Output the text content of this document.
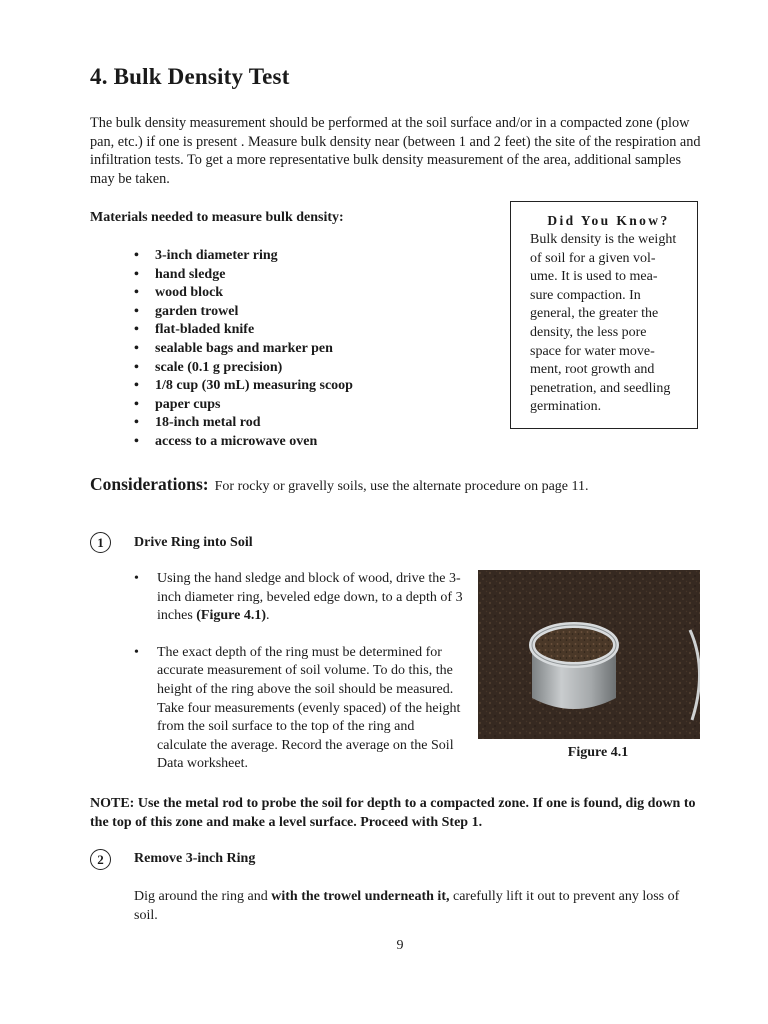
4. Bulk Density Test

The bulk density measurement should be performed at the soil surface and/or in a compacted zone (plow pan, etc.) if one is present . Measure bulk density near (between 1 and 2 feet) the site of the respiration and infiltration tests. To get a more representative bulk density measurement of the area, additional samples may be taken.

Materials needed to measure bulk density:

• 3-inch diameter ring
• hand sledge
• wood block
• garden trowel
• flat-bladed knife
• sealable bags and marker pen
• scale (0.1 g precision)
• 1/8 cup (30 mL) measuring scoop
• paper cups
• 18-inch metal rod
• access to a microwave oven

Did You Know?

Bulk density is the weight
of soil for a given vol-
ume. It is used to mea-
sure compaction. In
general, the greater the
density, the less pore
space for water move-
ment, root growth and
penetration, and seedling
germination.

Considerations: For rocky or gravelly soils, use the alternate procedure on page 11.

1	Drive Ring into Soil

• Using the hand sledge and block of wood, drive the 3-inch diameter ring, beveled edge down, to a depth of 3 inches (Figure 4.1).
• The exact depth of the ring must be determined for accurate measurement of soil volume. To do this, the height of the ring above the soil should be measured. Take four measurements (evenly spaced) of the height from the soil surface to the top of the ring and calculate the average. Record the average on the Soil Data worksheet.

Figure 4.1

NOTE: Use the metal rod to probe the soil for depth to a compacted zone. If one is found, dig down to the top of this zone and make a level surface. Proceed with Step 1.

2	Remove 3-inch Ring

Dig around the ring and with the trowel underneath it, carefully lift it out to prevent any loss of soil.

9
